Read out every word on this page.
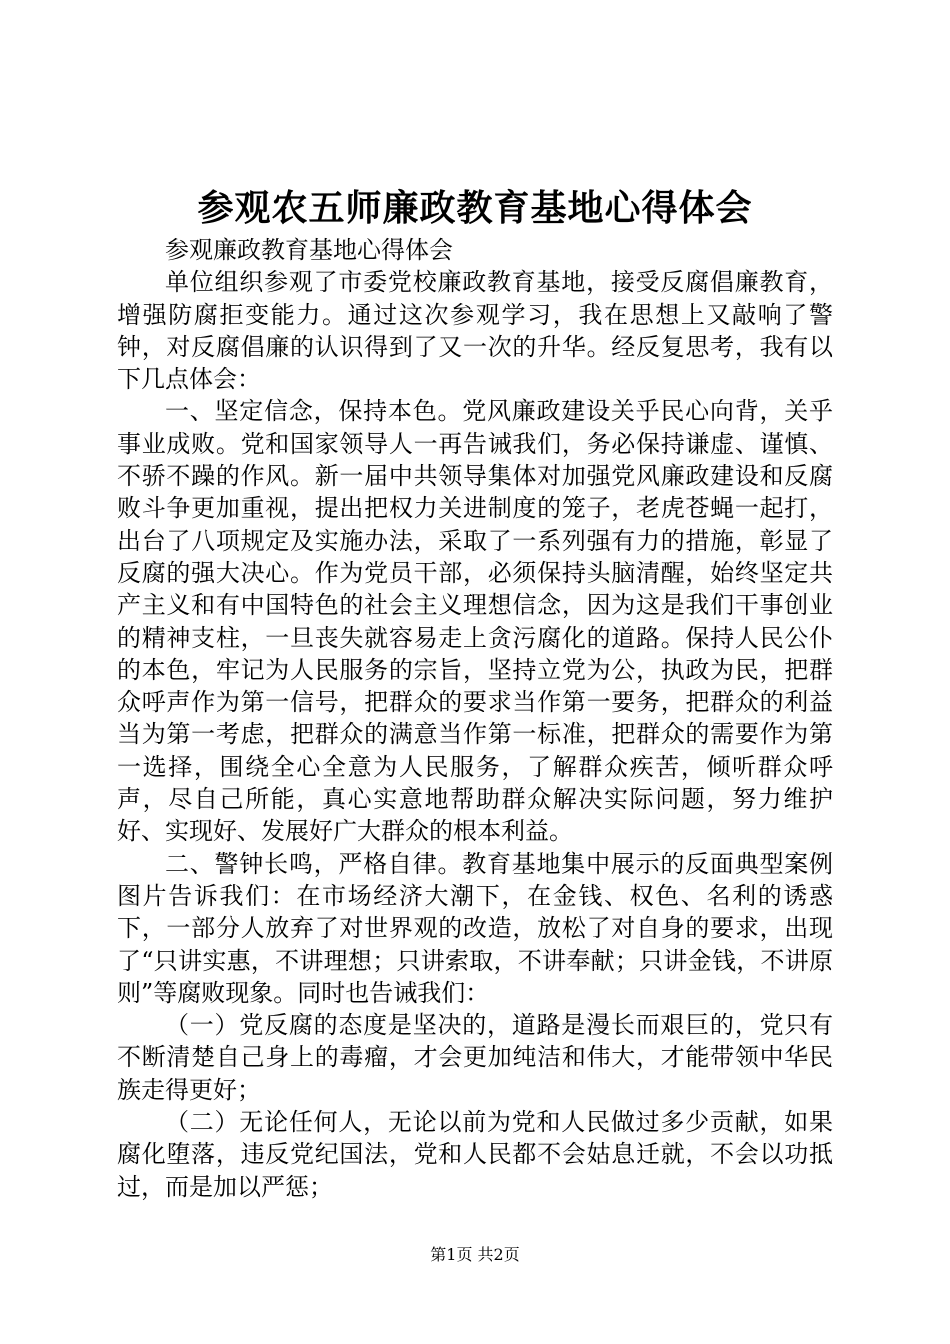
参观农五师廉政教育基地心得体会

参观廉政教育基地心得体会

单位组织参观了市委党校廉政教育基地，接受反腐倡廉教育，增强防腐拒变能力。通过这次参观学习，我在思想上又敲响了警钟，对反腐倡廉的认识得到了又一次的升华。经反复思考，我有以下几点体会：

一、坚定信念，保持本色。党风廉政建设关乎民心向背，关乎事业成败。党和国家领导人一再告诫我们，务必保持谦虚、谨慎、不骄不躁的作风。新一届中共领导集体对加强党风廉政建设和反腐败斗争更加重视，提出把权力关进制度的笼子，老虎苍蝇一起打，出台了八项规定及实施办法，采取了一系列强有力的措施，彰显了反腐的强大决心。作为党员干部，必须保持头脑清醒，始终坚定共产主义和有中国特色的社会主义理想信念，因为这是我们干事创业的精神支柱，一旦丧失就容易走上贪污腐化的道路。保持人民公仆的本色，牢记为人民服务的宗旨，坚持立党为公，执政为民，把群众呼声作为第一信号，把群众的要求当作第一要务，把群众的利益当为第一考虑，把群众的满意当作第一标准，把群众的需要作为第一选择，围绕全心全意为人民服务，了解群众疾苦，倾听群众呼声，尽自己所能，真心实意地帮助群众解决实际问题，努力维护好、实现好、发展好广大群众的根本利益。

二、警钟长鸣，严格自律。教育基地集中展示的反面典型案例图片告诉我们：在市场经济大潮下，在金钱、权色、名利的诱惑下，一部分人放弃了对世界观的改造，放松了对自身的要求，出现了“只讲实惠，不讲理想；只讲索取，不讲奉献；只讲金钱，不讲原则”等腐败现象。同时也告诫我们：

（一）党反腐的态度是坚决的，道路是漫长而艰巨的，党只有不断清楚自己身上的毒瘤，才会更加纯洁和伟大，才能带领中华民族走得更好；

（二）无论任何人，无论以前为党和人民做过多少贡献，如果腐化堕落，违反党纪国法，党和人民都不会姑息迁就，不会以功抵过，而是加以严惩；

第1页 共2页
